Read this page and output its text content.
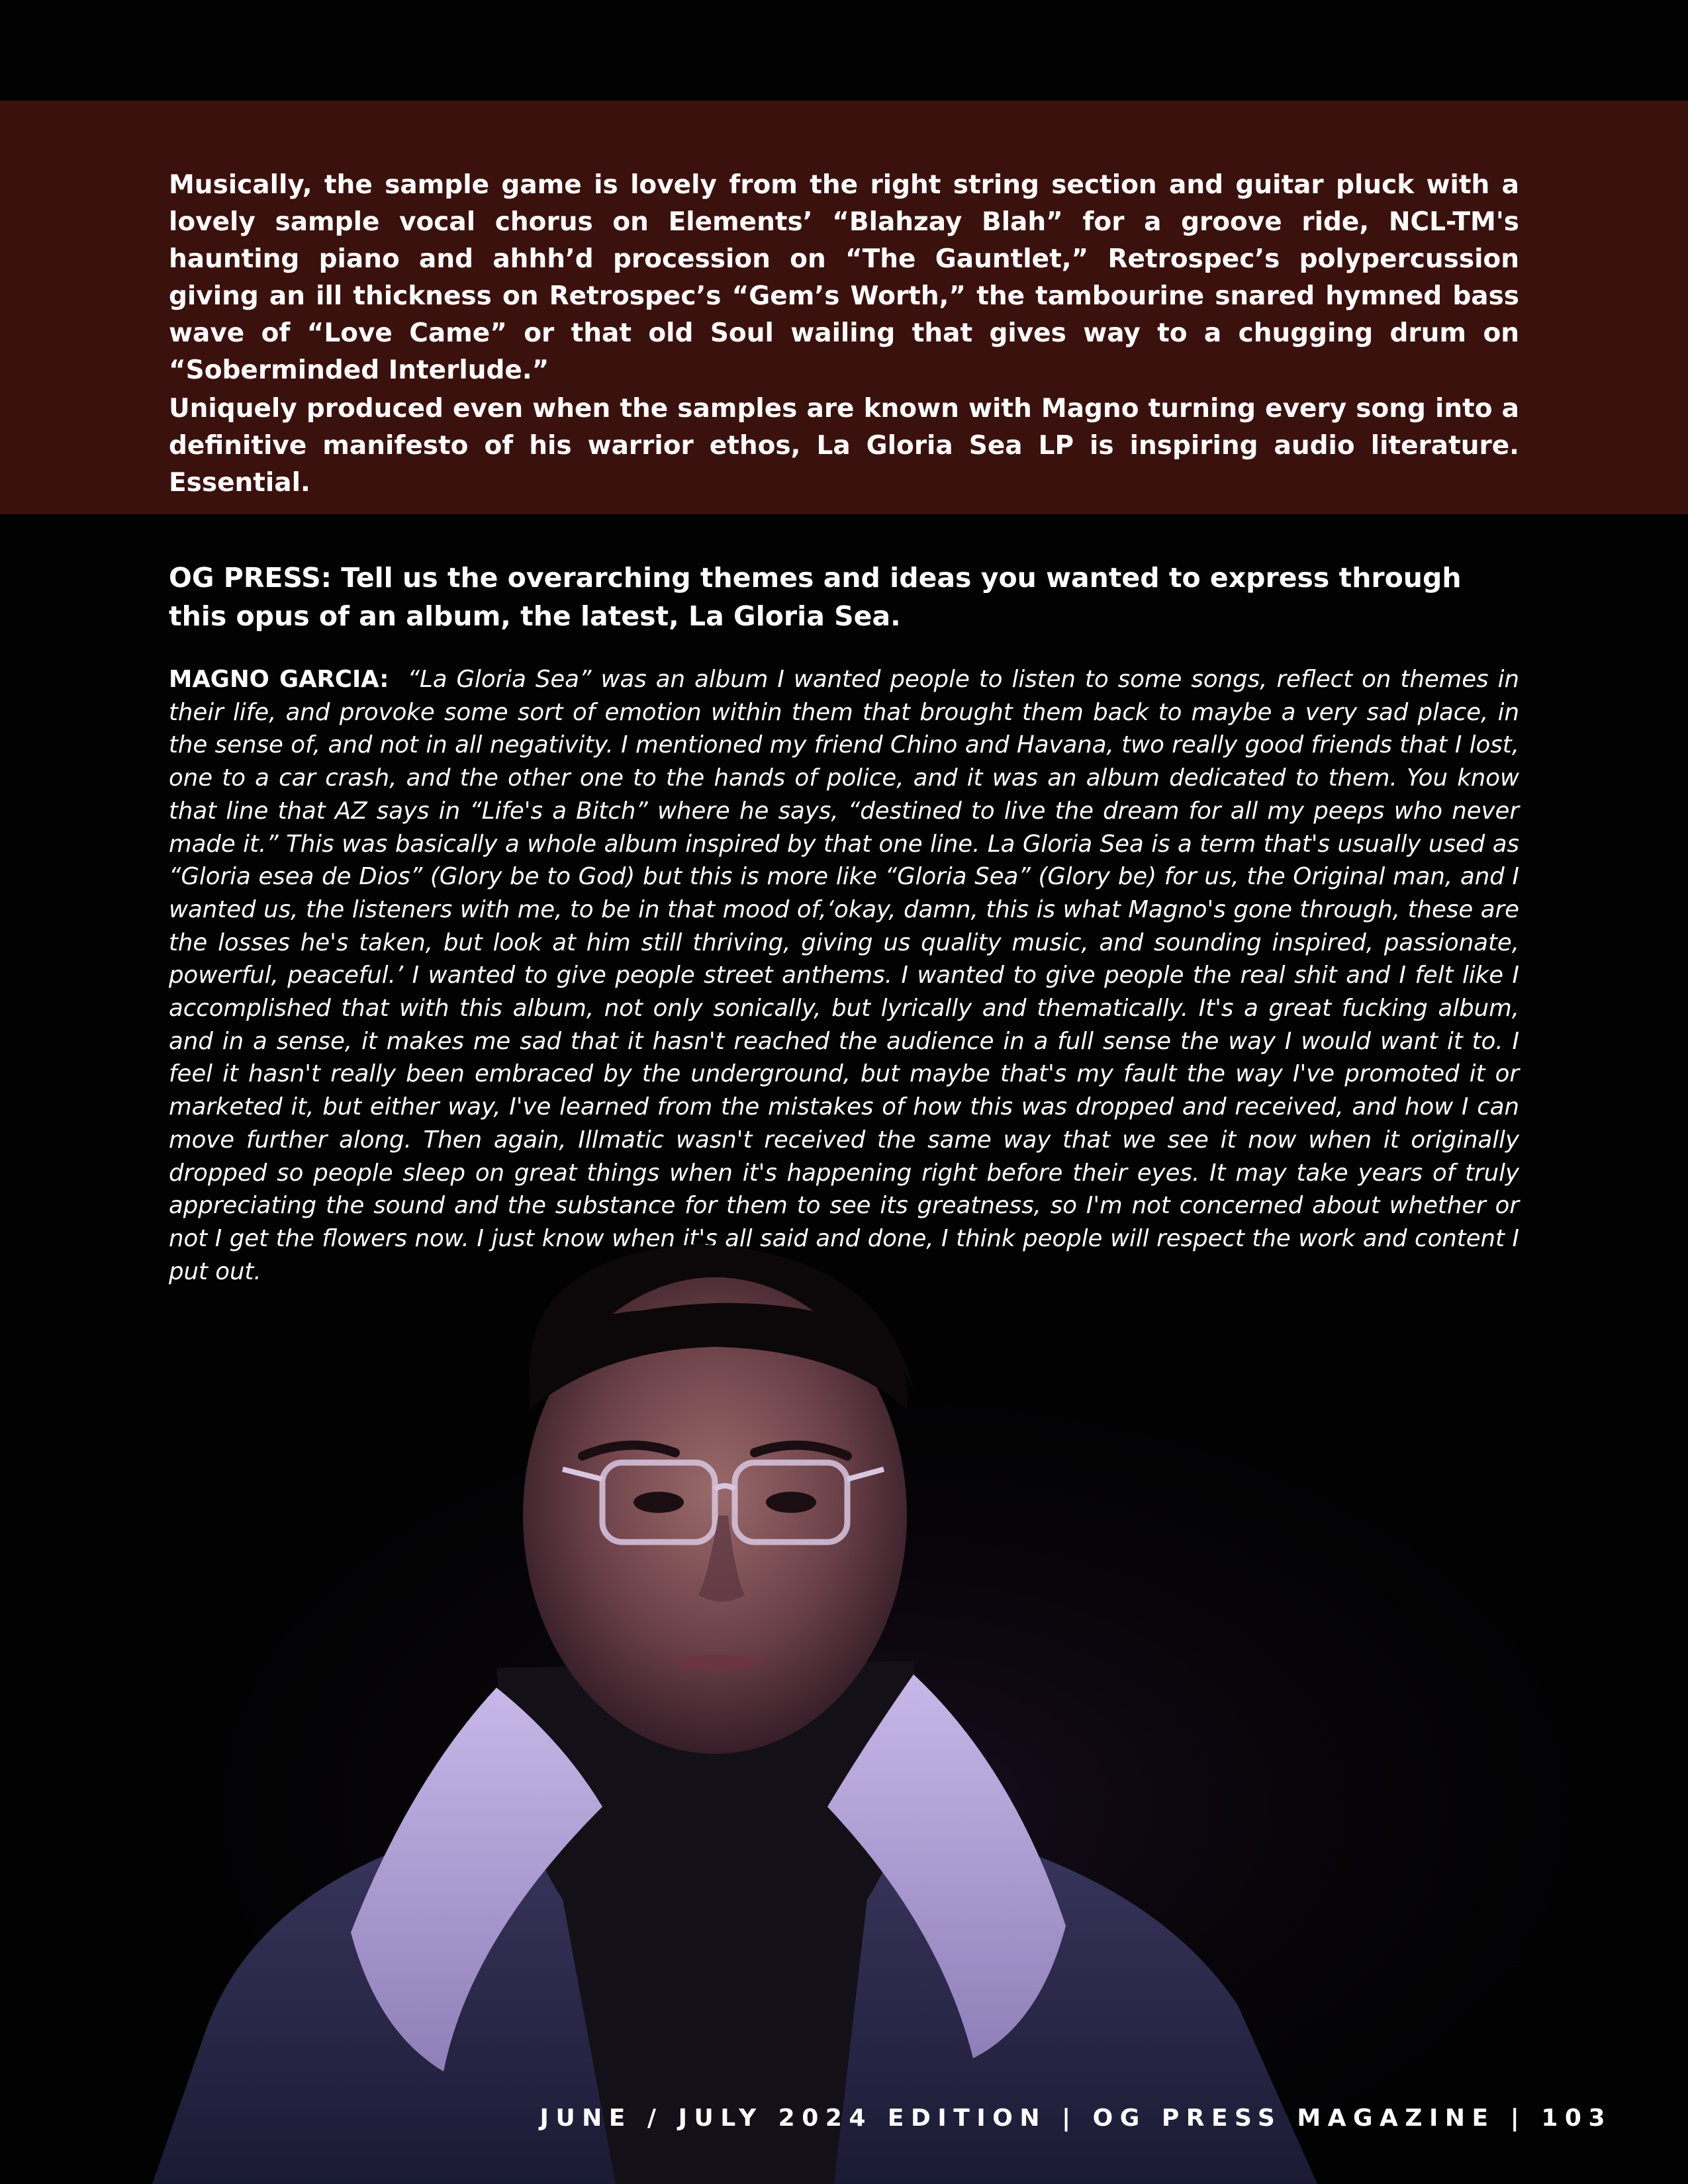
Musically, the sample game is lovely from the right string section and guitar pluck with a lovely sample vocal chorus on Elements’ “Blahzay Blah” for a groove ride, NCL-TM's haunting piano and ahhh’d procession on “The Gauntlet,” Retrospec’s polypercussion giving an ill thickness on Retrospec’s “Gem’s Worth,” the tambourine snared hymned bass wave of “Love Came” or that old Soul wailing that gives way to a chugging drum on “Soberminded Interlude.”

Uniquely produced even when the samples are known with Magno turning every song into a definitive manifesto of his warrior ethos, La Gloria Sea LP is inspiring audio literature. Essential.

OG PRESS: Tell us the overarching themes and ideas you wanted to express through this opus of an album, the latest, La Gloria Sea.

MAGNO GARCIA: “La Gloria Sea” was an album I wanted people to listen to some songs, reflect on themes in their life, and provoke some sort of emotion within them that brought them back to maybe a very sad place, in the sense of, and not in all negativity. I mentioned my friend Chino and Havana, two really good friends that I lost, one to a car crash, and the other one to the hands of police, and it was an album dedicated to them. You know that line that AZ says in “Life's a Bitch” where he says, “destined to live the dream for all my peeps who never made it.” This was basically a whole album inspired by that one line. La Gloria Sea is a term that's usually used as “Gloria esea de Dios” (Glory be to God) but this is more like “Gloria Sea” (Glory be) for us, the Original man, and I wanted us, the listeners with me, to be in that mood of,‘okay, damn, this is what Magno's gone through, these are the losses he's taken, but look at him still thriving, giving us quality music, and sounding inspired, passionate, powerful, peaceful.’ I wanted to give people street anthems. I wanted to give people the real shit and I felt like I accomplished that with this album, not only sonically, but lyrically and thematically. It's a great fucking album, and in a sense, it makes me sad that it hasn't reached the audience in a full sense the way I would want it to. I feel it hasn't really been embraced by the underground, but maybe that's my fault the way I've promoted it or marketed it, but either way, I've learned from the mistakes of how this was dropped and received, and how I can move further along. Then again, Illmatic wasn't received the same way that we see it now when it originally dropped so people sleep on great things when it's happening right before their eyes. It may take years of truly appreciating the sound and the substance for them to see its greatness, so I'm not concerned about whether or

JUNE / JULY 2024 EDITION | OG PRESS MAGAZINE | 103
